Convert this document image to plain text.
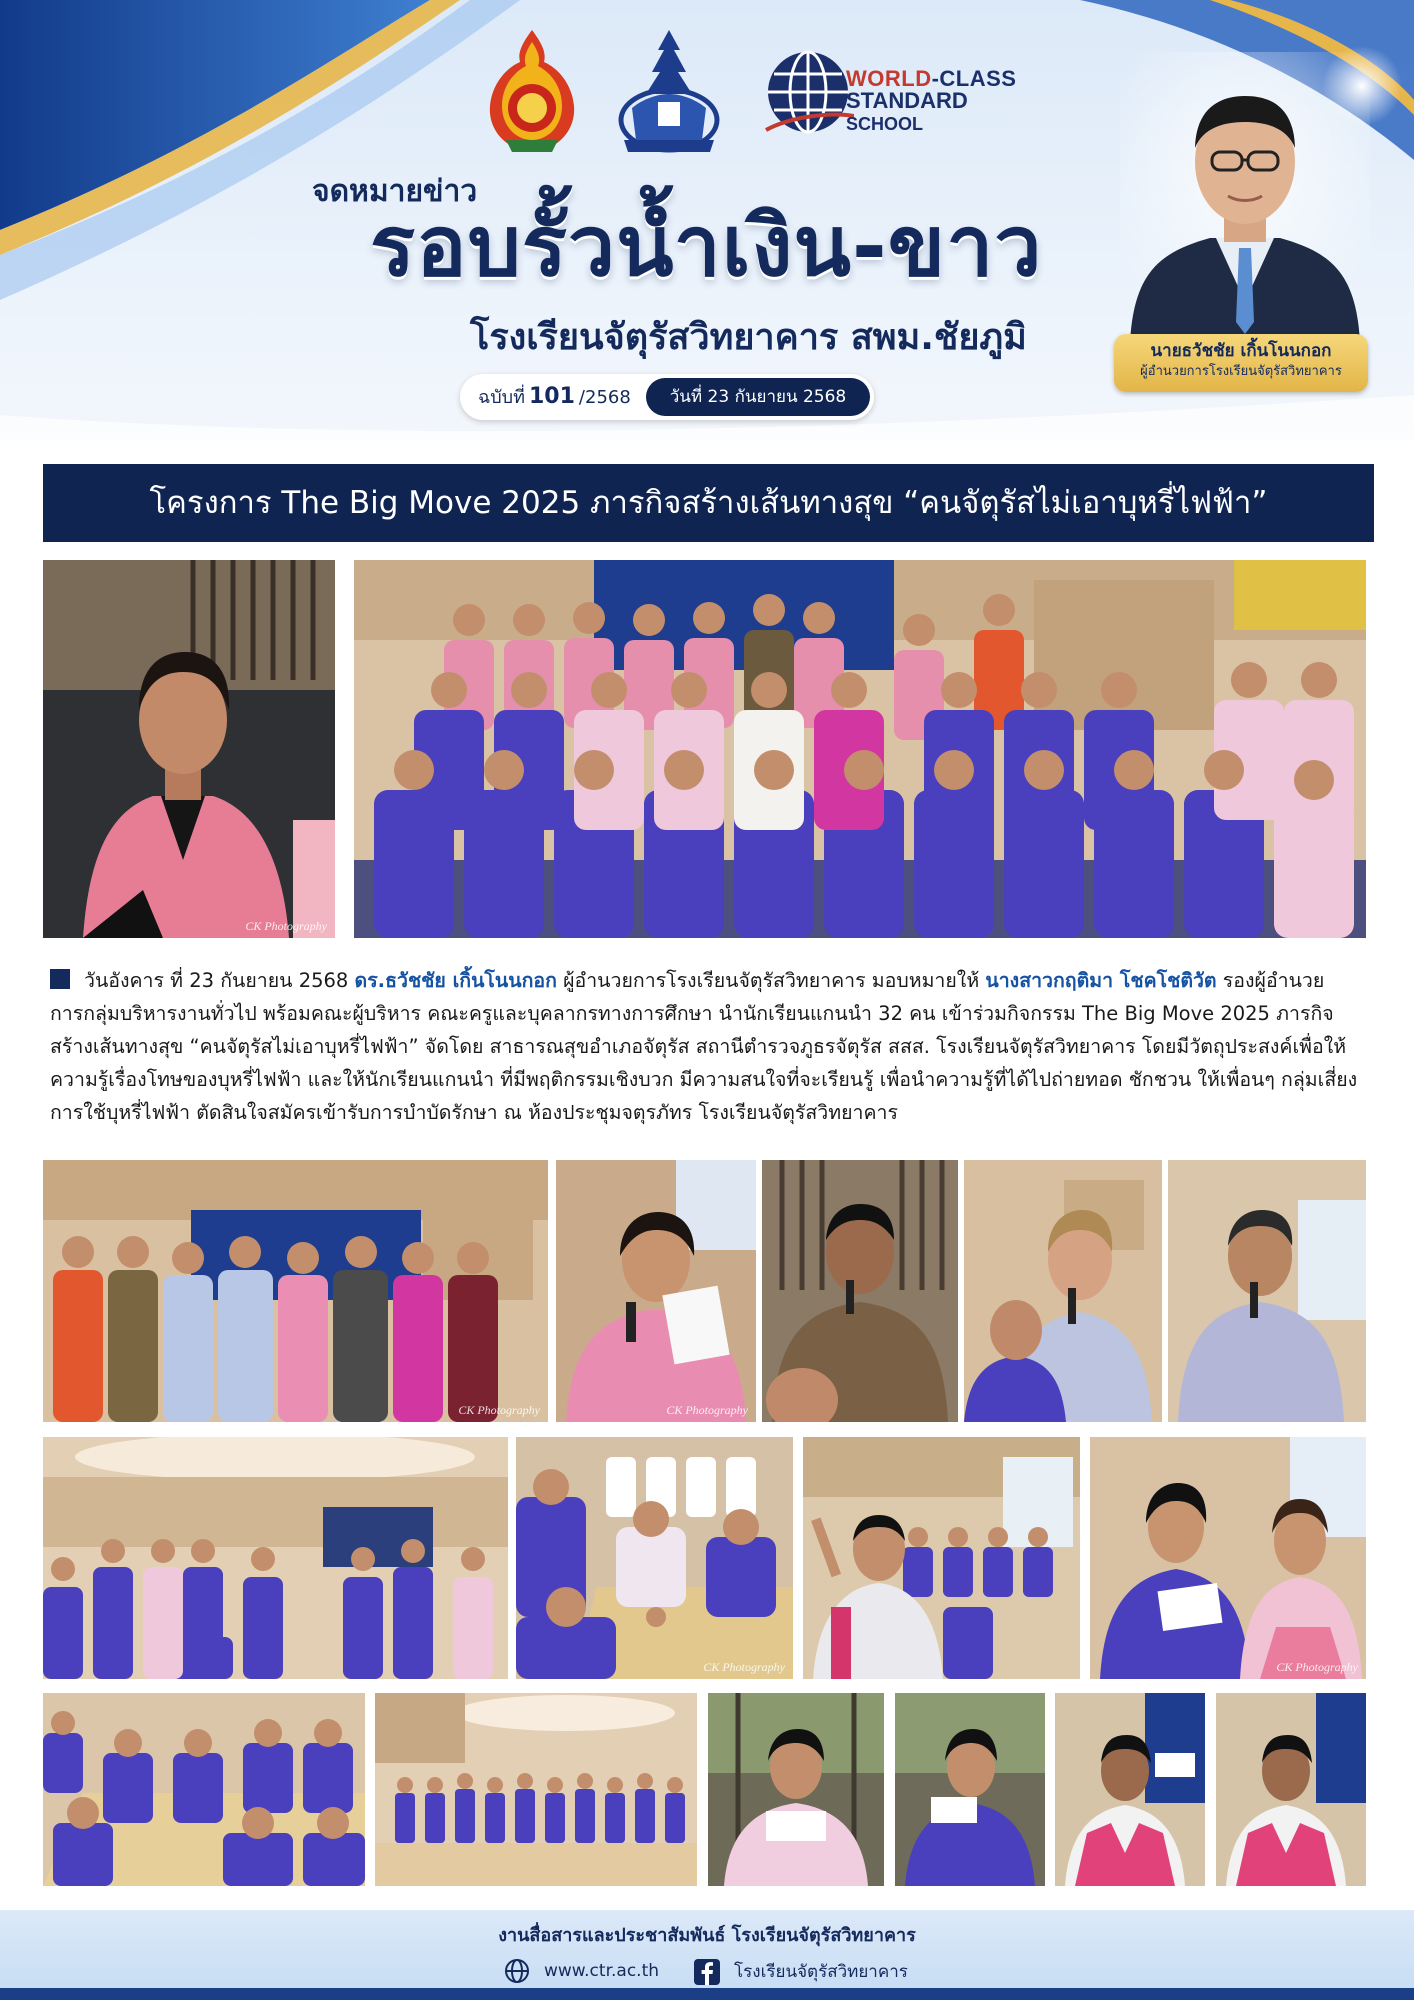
WORLD-CLASS
STANDARD SCHOOL
จดหมายข่าว
รอบรั้วน้ำเงิน-ขาว
โรงเรียนจัตุรัสวิทยาคาร สพม.ชัยภูมิ
ฉบับที่ 101 /2568	วันที่ 23 กันยายน 2568
นายธวัชชัย เกิ้นโนนกอก
ผู้อำนวยการโรงเรียนจัตุรัสวิทยาคาร
โครงการ The Big Move 2025 ภารกิจสร้างเส้นทางสุข “คนจัตุรัสไม่เอาบุหรี่ไฟฟ้า”
CK Photography
วันอังคาร ที่ 23 กันยายน 2568 ดร.ธวัชชัย เกิ้นโนนกอก ผู้อำนวยการโรงเรียนจัตุรัสวิทยาคาร มอบหมายให้ นางสาวกฤติมา โชคโชติวัต รองผู้อำนวยการกลุ่มบริหารงานทั่วไป พร้อมคณะผู้บริหาร คณะครูและบุคลากรทางการศึกษา นำนักเรียนแกนนำ 32 คน เข้าร่วมกิจกรรม The Big Move 2025 ภารกิจสร้างเส้นทางสุข “คนจัตุรัสไม่เอาบุหรี่ไฟฟ้า” จัดโดย สาธารณสุขอำเภอจัตุรัส สถานีตำรวจภูธรจัตุรัส สสส. โรงเรียนจัตุรัสวิทยาคาร โดยมีวัตถุประสงค์เพื่อให้ความรู้เรื่องโทษของบุหรี่ไฟฟ้า และให้นักเรียนแกนนำ ที่มีพฤติกรรมเชิงบวก มีความสนใจที่จะเรียนรู้ เพื่อนำความรู้ที่ได้ไปถ่ายทอด ชักชวน ให้เพื่อนๆ กลุ่มเสี่ยงการใช้บุหรี่ไฟฟ้า ตัดสินใจสมัครเข้ารับการบำบัดรักษา ณ ห้องประชุมจตุรภัทร โรงเรียนจัตุรัสวิทยาคาร
CK Photography	CK Photography
CK Photography	CK Photography
งานสื่อสารและประชาสัมพันธ์ โรงเรียนจัตุรัสวิทยาคาร
www.ctr.ac.th	โรงเรียนจัตุรัสวิทยาคาร
